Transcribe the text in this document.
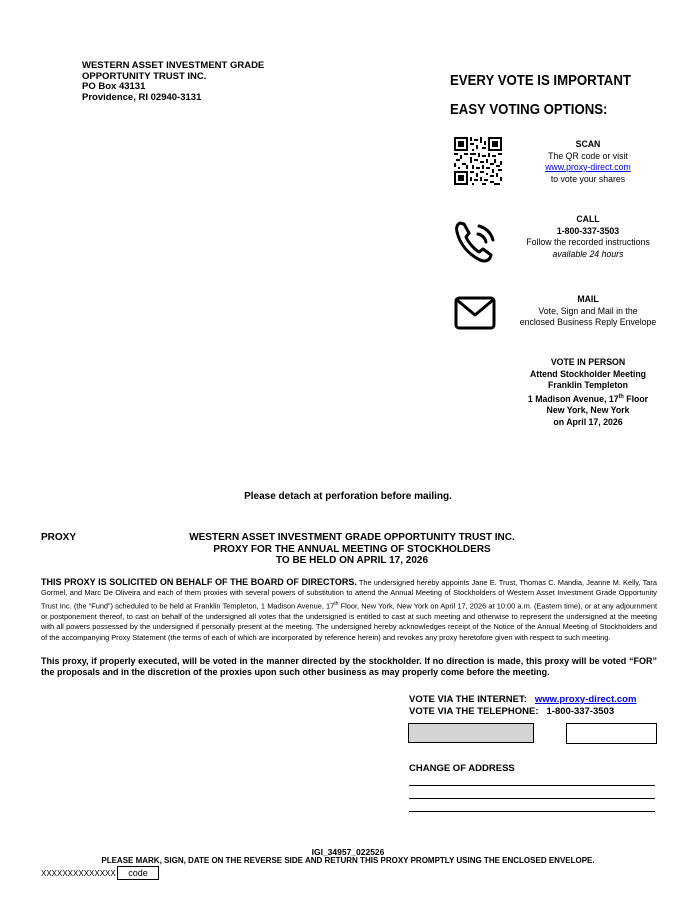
WESTERN ASSET INVESTMENT GRADE
OPPORTUNITY TRUST INC.
PO Box 43131
Providence, RI 02940-3131
EVERY VOTE IS IMPORTANT
EASY VOTING OPTIONS:
SCAN
The QR code or visit
www.proxy-direct.com
to vote your shares
CALL
1-800-337-3503
Follow the recorded instructions
available 24 hours
MAIL
Vote, Sign and Mail in the
enclosed Business Reply Envelope
VOTE IN PERSON
Attend Stockholder Meeting
Franklin Templeton
1 Madison Avenue, 17th Floor
New York, New York
on April 17, 2026
Please detach at perforation before mailing.
PROXY	WESTERN ASSET INVESTMENT GRADE OPPORTUNITY TRUST INC.
PROXY FOR THE ANNUAL MEETING OF STOCKHOLDERS
TO BE HELD ON APRIL 17, 2026
THIS PROXY IS SOLICITED ON BEHALF OF THE BOARD OF DIRECTORS. The undersigned hereby appoints Jane E. Trust, Thomas C. Mandia, Jeanne M. Kelly, Tara Gormel, and Marc De Oliveira and each of them proxies with several powers of substitution to attend the Annual Meeting of Stockholders of Western Asset Investment Grade Opportunity Trust Inc. (the “Fund”) scheduled to be held at Franklin Templeton, 1 Madison Avenue, 17th Floor, New York, New York on April 17, 2026 at 10:00 a.m. (Eastern time), or at any adjournment or postponement thereof, to cast on behalf of the undersigned all votes that the undersigned is entitled to cast at such meeting and otherwise to represent the undersigned at the meeting with all powers possessed by the undersigned if personally present at the meeting. The undersigned hereby acknowledges receipt of the Notice of the Annual Meeting of Stockholders and of the accompanying Proxy Statement (the terms of each of which are incorporated by reference herein) and revokes any proxy heretofore given with respect to such meeting.
This proxy, if properly executed, will be voted in the manner directed by the stockholder. If no direction is made, this proxy will be voted “FOR” the proposals and in the discretion of the proxies upon such other business as may properly come before the meeting.
VOTE VIA THE INTERNET: www.proxy-direct.com
VOTE VIA THE TELEPHONE: 1-800-337-3503
CHANGE OF ADDRESS
IGI_34957_022526
PLEASE MARK, SIGN, DATE ON THE REVERSE SIDE AND RETURN THIS PROXY PROMPTLY USING THE ENCLOSED ENVELOPE.
XXXXXXXXXXXXXX	code
